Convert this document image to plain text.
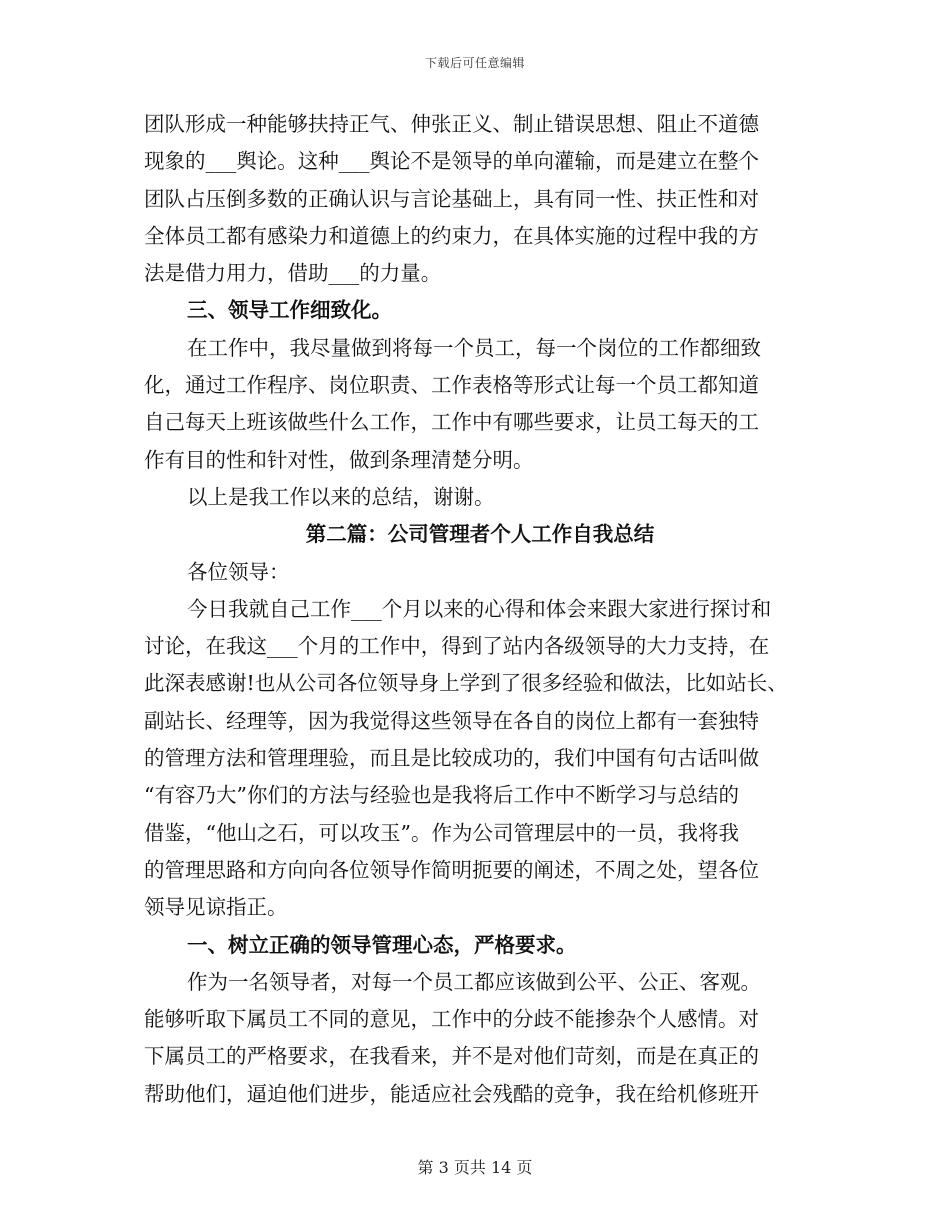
下载后可任意编辑
团队形成一种能够扶持正气、伸张正义、制止错误思想、阻止不道德
现象的___舆论。这种___舆论不是领导的单向灌输，而是建立在整个
团队占压倒多数的正确认识与言论基础上，具有同一性、扶正性和对
全体员工都有感染力和道德上的约束力，在具体实施的过程中我的方
法是借力用力，借助___的力量。
三、领导工作细致化。
在工作中，我尽量做到将每一个员工，每一个岗位的工作都细致
化，通过工作程序、岗位职责、工作表格等形式让每一个员工都知道
自己每天上班该做些什么工作，工作中有哪些要求，让员工每天的工
作有目的性和针对性，做到条理清楚分明。
以上是我工作以来的总结，谢谢。
第二篇：公司管理者个人工作自我总结
各位领导：
今日我就自己工作___个月以来的心得和体会来跟大家进行探讨和
讨论，在我这___个月的工作中，得到了站内各级领导的大力支持，在
此深表感谢!也从公司各位领导身上学到了很多经验和做法，比如站长、
副站长、经理等，因为我觉得这些领导在各自的岗位上都有一套独特
的管理方法和管理理验，而且是比较成功的，我们中国有句古话叫做
“有容乃大”你们的方法与经验也是我将后工作中不断学习与总结的
借鉴，“他山之石，可以攻玉”。作为公司管理层中的一员，我将我
的管理思路和方向向各位领导作简明扼要的阐述，不周之处，望各位
领导见谅指正。
一、树立正确的领导管理心态，严格要求。
作为一名领导者，对每一个员工都应该做到公平、公正、客观。
能够听取下属员工不同的意见，工作中的分歧不能掺杂个人感情。对
下属员工的严格要求，在我看来，并不是对他们苛刻，而是在真正的
帮助他们，逼迫他们进步，能适应社会残酷的竞争，我在给机修班开
第 3 页共 14 页
